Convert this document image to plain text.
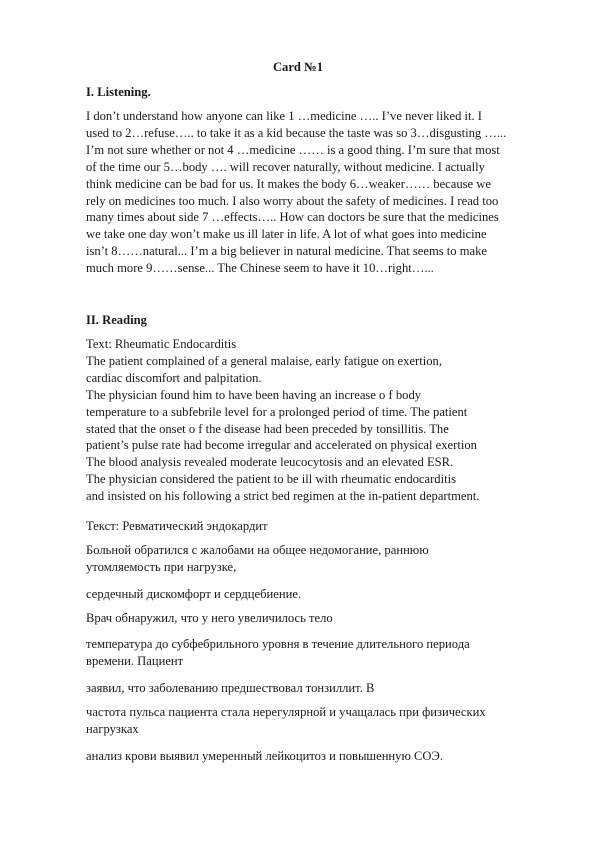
Card №1
I. Listening.
I don’t understand how anyone can like 1 …medicine ….. I’ve never liked it. I
used to 2…refuse….. to take it as a kid because the taste was so 3…disgusting …...
I’m not sure whether or not 4 …medicine …… is a good thing. I’m sure that most
of the time our 5…body …. will recover naturally, without medicine. I actually
think medicine can be bad for us. It makes the body 6…weaker…… because we
rely on medicines too much. I also worry about the safety of medicines. I read too
many times about side 7 …effects….. How can doctors be sure that the medicines
we take one day won’t make us ill later in life. A lot of what goes into medicine
isn’t 8……natural... I’m a big believer in natural medicine. That seems to make
much more 9……sense... The Chinese seem to have it 10…right…...
II. Reading
Text: Rheumatic Endocarditis
The patient complained of a general malaise, early fatigue on exertion,
cardiac discomfort and palpitation.
The physician found him to have been having an increase o f body
temperature to a subfebrile level for a prolonged period of time. The patient
stated that the onset o f the disease had been preceded by tonsillitis. The
patient’s pulse rate had become irregular and accelerated on physical exertion
The blood analysis revealed moderate leucocytosis and an elevated ESR.
The physician considered the patient to be ill with rheumatic endocarditis
and insisted on his following a strict bed regimen at the in-patient department.
Текст: Ревматический эндокардит
Больной обратился с жалобами на общее недомогание, раннюю
утомляемость при нагрузке,
сердечный дискомфорт и сердцебиение.
Врач обнаружил, что у него увеличилось тело
температура до субфебрильного уровня в течение длительного периода
времени. Пациент
заявил, что заболеванию предшествовал тонзиллит. В
частота пульса пациента стала нерегулярной и учащалась при физических
нагрузках
анализ крови выявил умеренный лейкоцитоз и повышенную СОЭ.
